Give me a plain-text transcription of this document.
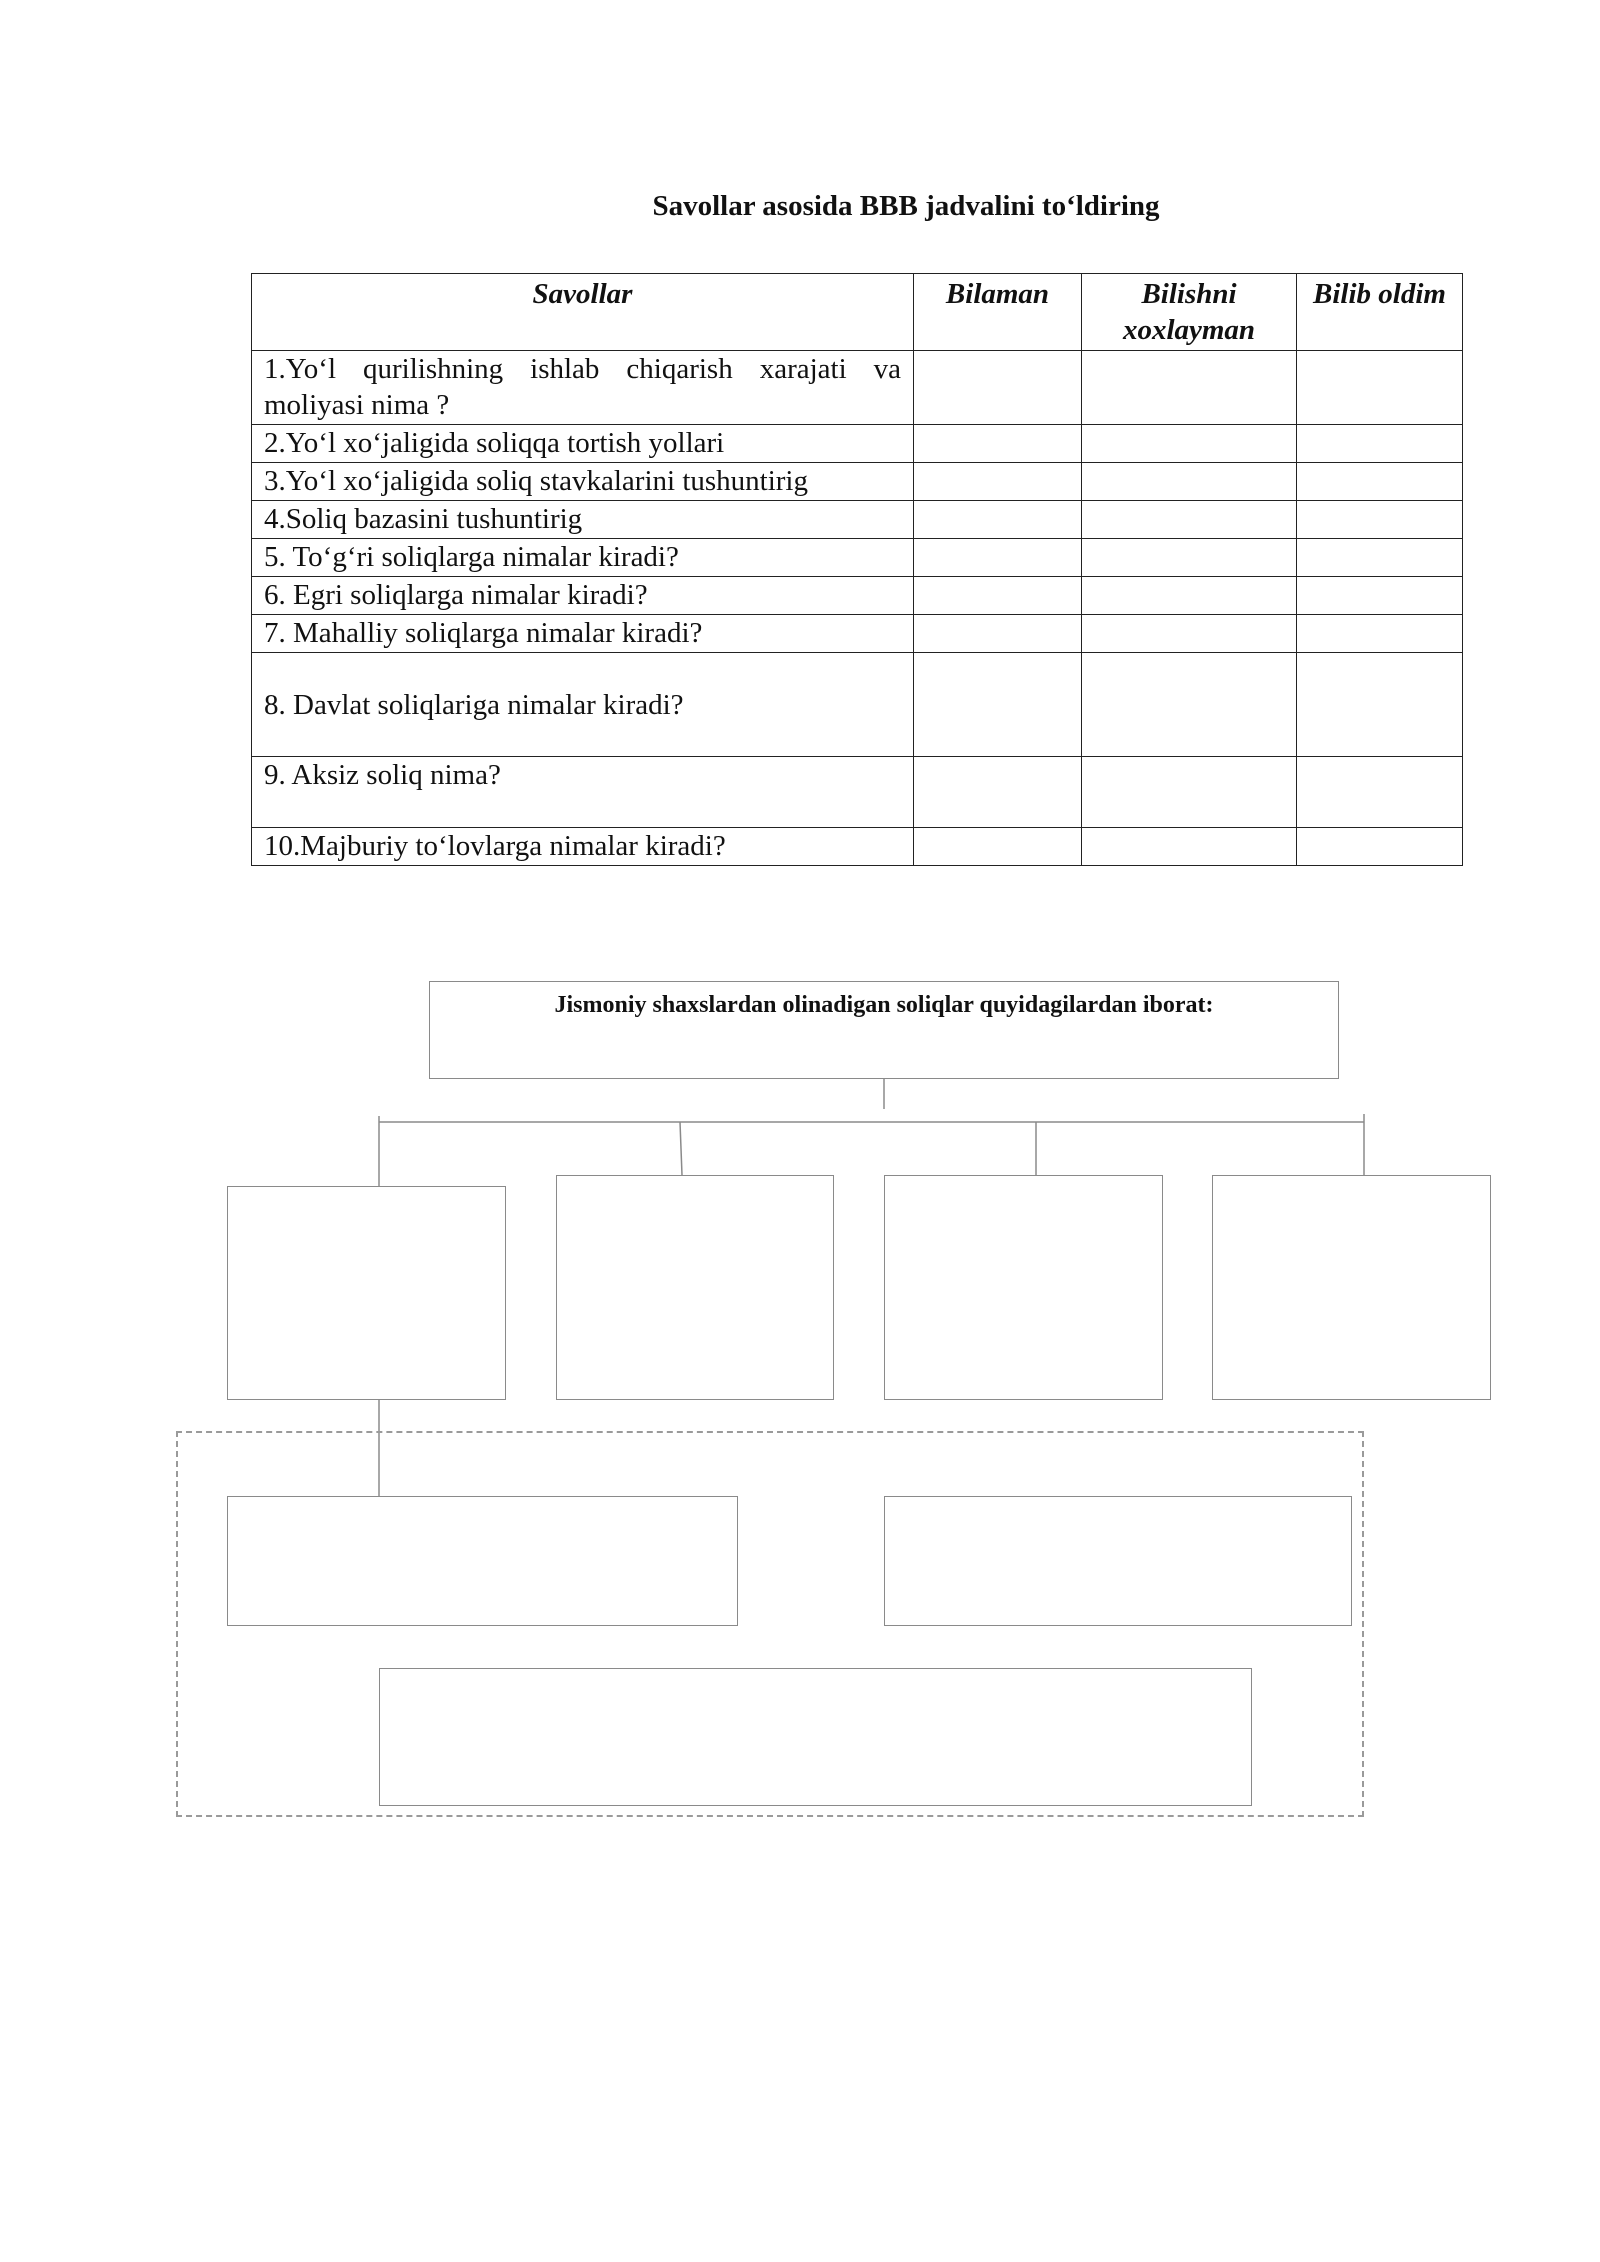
Savollar asosida BBB jadvalini to‘ldiring
Savollar	Bilaman	Bilishni xoxlayman	Bilib oldim
1.Yo‘l qurilishning ishlab chiqarish xarajati va moliyasi nima ?			
2.Yo‘l xo‘jaligida soliqqa tortish yollari			
3.Yo‘l xo‘jaligida soliq stavkalarini tushuntirig			
4.Soliq bazasini tushuntirig			
5. To‘g‘ri soliqlarga nimalar kiradi?			
6. Egri soliqlarga nimalar kiradi?			
7. Mahalliy soliqlarga nimalar kiradi?			
8. Davlat soliqlariga nimalar kiradi?			
9. Aksiz soliq nima?			
10.Majburiy to‘lovlarga nimalar kiradi?			
Jismoniy shaxslardan olinadigan soliqlar quyidagilardan iborat:
